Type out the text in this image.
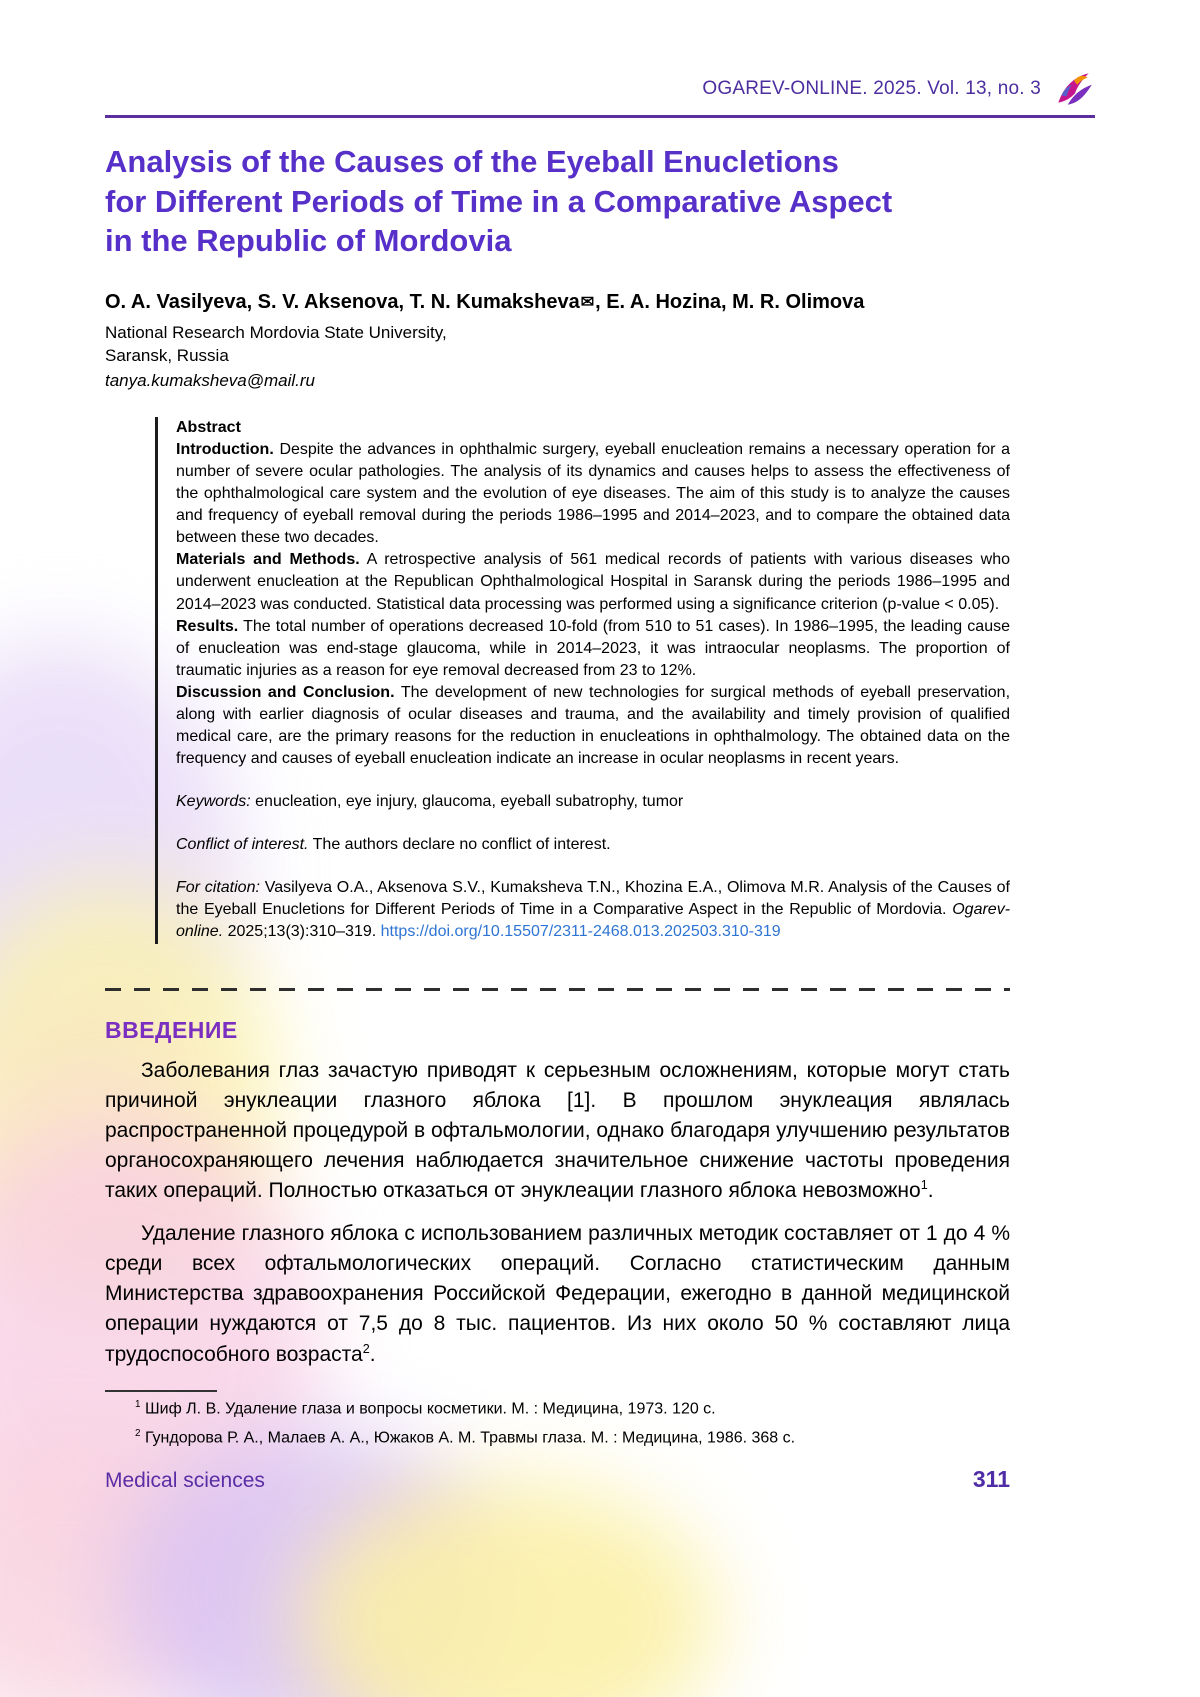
OGAREV-ONLINE. 2025. Vol. 13, no. 3
Analysis of the Causes of the Eyeball Enucletions
for Different Periods of Time in a Comparative Aspect
in the Republic of Mordovia

O. A. Vasilyeva, S. V. Aksenova, T. N. Kumaksheva✉, E. A. Hozina, M. R. Olimova

National Research Mordovia State University,
Saransk, Russia

tanya.kumaksheva@mail.ru

Abstract

Introduction. Despite the advances in ophthalmic surgery, eyeball enucleation remains a necessary operation for a number of severe ocular pathologies. The analysis of its dynamics and causes helps to assess the effectiveness of the ophthalmological care system and the evolution of eye diseases. The aim of this study is to analyze the causes and frequency of eyeball removal during the periods 1986–1995 and 2014–2023, and to compare the obtained data between these two decades.

Materials and Methods. A retrospective analysis of 561 medical records of patients with various diseases who underwent enucleation at the Republican Ophthalmological Hospital in Saransk during the periods 1986–1995 and 2014–2023 was conducted. Statistical data processing was performed using a significance criterion (p-value < 0.05).

Results. The total number of operations decreased 10-fold (from 510 to 51 cases). In 1986–1995, the leading cause of enucleation was end-stage glaucoma, while in 2014–2023, it was intraocular neoplasms. The proportion of traumatic injuries as a reason for eye removal decreased from 23 to 12%.

Discussion and Conclusion. The development of new technologies for surgical methods of eyeball preservation, along with earlier diagnosis of ocular diseases and trauma, and the availability and timely provision of qualified medical care, are the primary reasons for the reduction in enucleations in ophthalmology. The obtained data on the frequency and causes of eyeball enucleation indicate an increase in ocular neoplasms in recent years.

Keywords: enucleation, eye injury, glaucoma, eyeball subatrophy, tumor

Conflict of interest. The authors declare no conflict of interest.

For citation: Vasilyeva O.A., Aksenova S.V., Kumaksheva T.N., Khozina E.A., Olimova M.R. Analysis of the Causes of the Eyeball Enucletions for Different Periods of Time in a Comparative Aspect in the Republic of Mordovia. Ogarev-online. 2025;13(3):310–319. https://doi.org/10.15507/2311-2468.013.202503.310-319

ВВЕДЕНИЕ

Заболевания глаз зачастую приводят к серьезным осложнениям, которые могут стать причиной энуклеации глазного яблока [1]. В прошлом энуклеация являлась распространенной процедурой в офтальмологии, однако благодаря улучшению результатов органосохраняющего лечения наблюдается значительное снижение частоты проведения таких операций. Полностью отказаться от энуклеации глазного яблока невозможно$^1$.

Удаление глазного яблока с использованием различных методик составляет от 1 до 4 % среди всех офтальмологических операций. Согласно статистическим данным Министерства здравоохранения Российской Федерации, ежегодно в данной медицинской операции нуждаются от 7,5 до 8 тыс. пациентов. Из них около 50 % составляют лица трудоспособного возраста$^2$.

$^1$ Шиф Л. В. Удаление глаза и вопросы косметики. М. : Медицина, 1973. 120 с.

$^2$ Гундорова Р. А., Малаев А. А., Южаков А. М. Травмы глаза. М. : Медицина, 1986. 368 с.

Medical sciences	311
